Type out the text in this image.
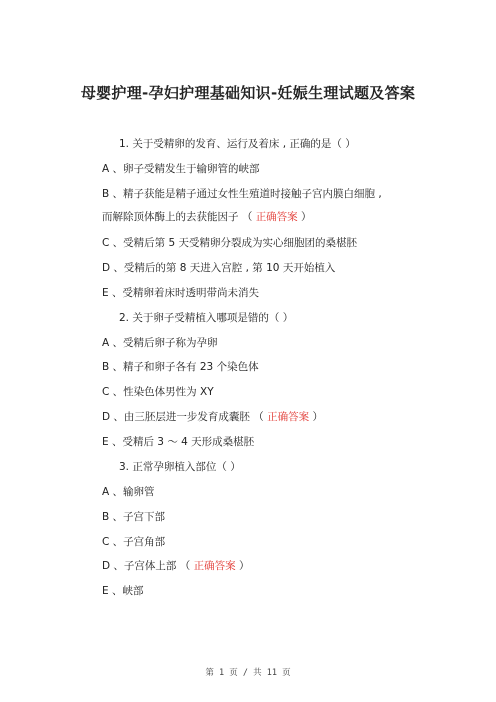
母婴护理-孕妇护理基础知识-妊娠生理试题及答案
1. 关于受精卵的发育、运行及着床 , 正确的是（ ）
A 、卵子受精发生于输卵管的峡部
B 、精子获能是精子通过女性生殖道时接触子宫内膜白细胞 ,
而解除顶体酶上的去获能因子 （ 正确答案 ）
C 、受精后第 5 天受精卵分裂成为实心细胞团的桑椹胚
D 、受精后的第 8 天进入宫腔 , 第 10 天开始植入
E 、受精卵着床时透明带尚未消失
2. 关于卵子受精植入哪项是错的（ ）
A 、受精后卵子称为孕卵
B 、精子和卵子各有 23 个染色体
C 、性染色体男性为 XY
D 、由三胚层进一步发育成囊胚 （ 正确答案 ）
E 、受精后 3 ～ 4 天形成桑椹胚
3. 正常孕卵植入部位（ ）
A 、输卵管
B 、子宫下部
C 、子宫角部
D 、子宫体上部 （ 正确答案 ）
E 、峡部
第 1 页 / 共 11 页
